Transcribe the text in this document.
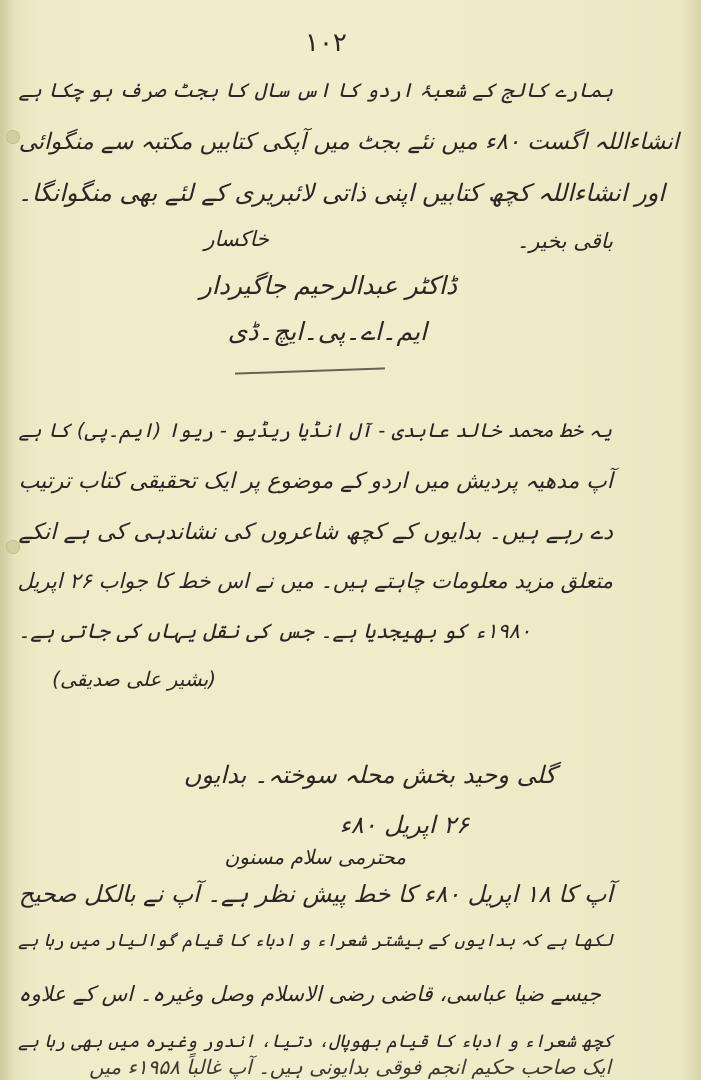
۱۰۲
ہمارے کالج کے شعبۂ اردو کا اس سال کا بجٹ صرف ہو چکا ہے
انشاءاللہ اگست ۸۰ء میں نئے بجٹ میں آپکی کتابیں مکتبہ سے منگوائی
اور انشاءاللہ کچھ کتابیں اپنی ذاتی لائبریری کے لئے بھی منگوانگا۔
باقی بخیر۔
خاکسار
ڈاکٹر عبدالرحیم جاگیردار
ایم۔اے۔پی۔ایچ۔ڈی
یہ خط محمد خالد عابدی - آل انڈیا ریڈیو - ریوا (ایم۔پی) کا ہے
آپ مدھیہ پردیش میں اردو کے موضوع پر ایک تحقیقی کتاب ترتیب
دے رہے ہیں۔ بدایوں کے کچھ شاعروں کی نشاندہی کی ہے انکے
متعلق مزید معلومات چاہتے ہیں۔ میں نے اس خط کا جواب ۲۶ اپریل
۱۹۸۰ء کو بھیجدیا ہے۔ جس کی نقل یہاں کی جاتی ہے۔
(بشیر علی صدیقی)
گلی وحید بخش محلہ سوختہ۔ بدایوں
۲۶ اپریل ۸۰ء
محترمی سلام مسنون
آپ کا ۱۸ اپریل ۸۰ء کا خط پیش نظر ہے۔ آپ نے بالکل صحیح
لکھا ہے کہ بدایوں کے بیشتر شعراء و ادباء کا قیام گوالیار میں رہا ہے
جیسے ضیا عباسی، قاضی رضی الاسلام وصل وغیرہ۔ اس کے علاوہ
کچھ شعراء و ادباء کا قیام بھوپال، دتیا، اندور وغیرہ میں بھی رہا ہے
ایک صاحب حکیم انجم فوقی بدایونی ہیں۔ آپ غالباً ۱۹۵۸ء میں
